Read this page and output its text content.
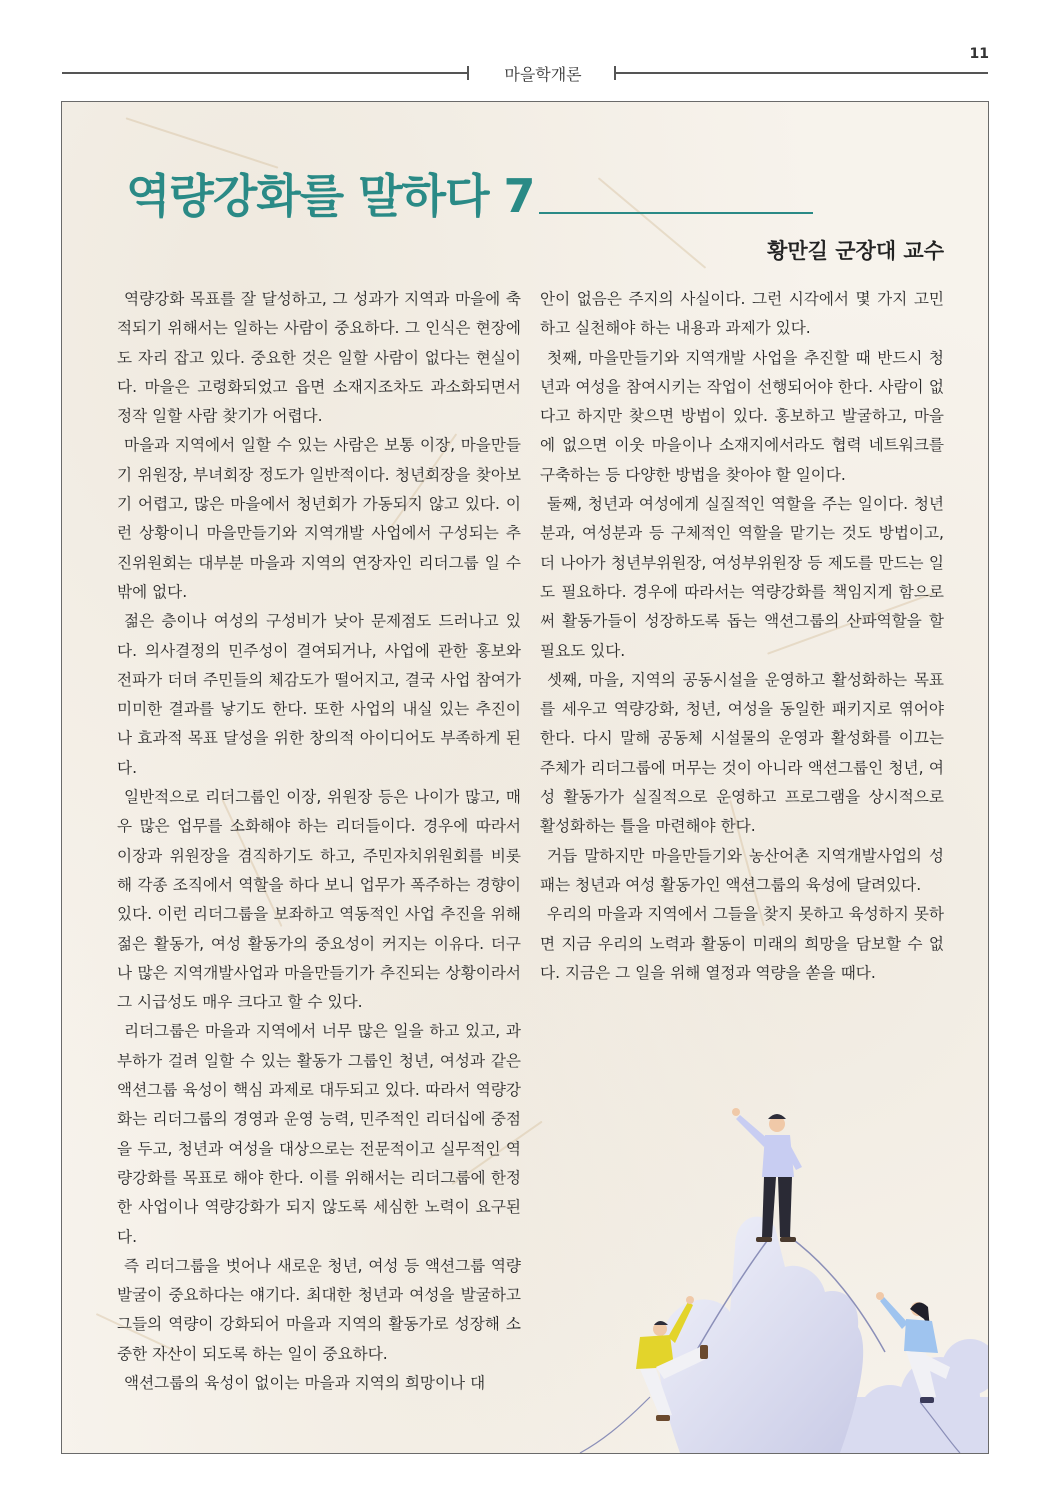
11
마을학개론
역량강화를 말하다 7
황만길 군장대 교수

역량강화 목표를 잘 달성하고, 그 성과가 지역과 마을에 축적되기 위해서는 일하는 사람이 중요하다. 그 인식은 현장에도 자리 잡고 있다. 중요한 것은 일할 사람이 없다는 현실이다. 마을은 고령화되었고 읍면 소재지조차도 과소화되면서 정작 일할 사람 찾기가 어렵다.

마을과 지역에서 일할 수 있는 사람은 보통 이장, 마을만들기 위원장, 부녀회장 정도가 일반적이다. 청년회장을 찾아보기 어렵고, 많은 마을에서 청년회가 가동되지 않고 있다. 이런 상황이니 마을만들기와 지역개발 사업에서 구성되는 추진위원회는 대부분 마을과 지역의 연장자인 리더그룹 일 수밖에 없다.

젊은 층이나 여성의 구성비가 낮아 문제점도 드러나고 있다. 의사결정의 민주성이 결여되거나, 사업에 관한 홍보와 전파가 더뎌 주민들의 체감도가 떨어지고, 결국 사업 참여가 미미한 결과를 낳기도 한다. 또한 사업의 내실 있는 추진이나 효과적 목표 달성을 위한 창의적 아이디어도 부족하게 된다.

일반적으로 리더그룹인 이장, 위원장 등은 나이가 많고, 매우 많은 업무를 소화해야 하는 리더들이다. 경우에 따라서 이장과 위원장을 겸직하기도 하고, 주민자치위원회를 비롯해 각종 조직에서 역할을 하다 보니 업무가 폭주하는 경향이 있다. 이런 리더그룹을 보좌하고 역동적인 사업 추진을 위해 젊은 활동가, 여성 활동가의 중요성이 커지는 이유다. 더구나 많은 지역개발사업과 마을만들기가 추진되는 상황이라서 그 시급성도 매우 크다고 할 수 있다.

리더그룹은 마을과 지역에서 너무 많은 일을 하고 있고, 과부하가 걸려 일할 수 있는 활동가 그룹인 청년, 여성과 같은 액션그룹 육성이 핵심 과제로 대두되고 있다. 따라서 역량강화는 리더그룹의 경영과 운영 능력, 민주적인 리더십에 중점을 두고, 청년과 여성을 대상으로는 전문적이고 실무적인 역량강화를 목표로 해야 한다. 이를 위해서는 리더그룹에 한정한 사업이나 역량강화가 되지 않도록 세심한 노력이 요구된다.

즉 리더그룹을 벗어나 새로운 청년, 여성 등 액션그룹 역량 발굴이 중요하다는 얘기다. 최대한 청년과 여성을 발굴하고 그들의 역량이 강화되어 마을과 지역의 활동가로 성장해 소중한 자산이 되도록 하는 일이 중요하다.

액션그룹의 육성이 없이는 마을과 지역의 희망이나 대

안이 없음은 주지의 사실이다. 그런 시각에서 몇 가지 고민하고 실천해야 하는 내용과 과제가 있다.

첫째, 마을만들기와 지역개발 사업을 추진할 때 반드시 청년과 여성을 참여시키는 작업이 선행되어야 한다. 사람이 없다고 하지만 찾으면 방법이 있다. 홍보하고 발굴하고, 마을에 없으면 이웃 마을이나 소재지에서라도 협력 네트워크를 구축하는 등 다양한 방법을 찾아야 할 일이다.

둘째, 청년과 여성에게 실질적인 역할을 주는 일이다. 청년분과, 여성분과 등 구체적인 역할을 맡기는 것도 방법이고, 더 나아가 청년부위원장, 여성부위원장 등 제도를 만드는 일도 필요하다. 경우에 따라서는 역량강화를 책임지게 함으로써 활동가들이 성장하도록 돕는 액션그룹의 산파역할을 할 필요도 있다.

셋째, 마을, 지역의 공동시설을 운영하고 활성화하는 목표를 세우고 역량강화, 청년, 여성을 동일한 패키지로 엮어야 한다. 다시 말해 공동체 시설물의 운영과 활성화를 이끄는 주체가 리더그룹에 머무는 것이 아니라 액션그룹인 청년, 여성 활동가가 실질적으로 운영하고 프로그램을 상시적으로 활성화하는 틀을 마련해야 한다.

거듭 말하지만 마을만들기와 농산어촌 지역개발사업의 성패는 청년과 여성 활동가인 액션그룹의 육성에 달려있다.

우리의 마을과 지역에서 그들을 찾지 못하고 육성하지 못하면 지금 우리의 노력과 활동이 미래의 희망을 담보할 수 없다. 지금은 그 일을 위해 열정과 역량을 쏟을 때다.
